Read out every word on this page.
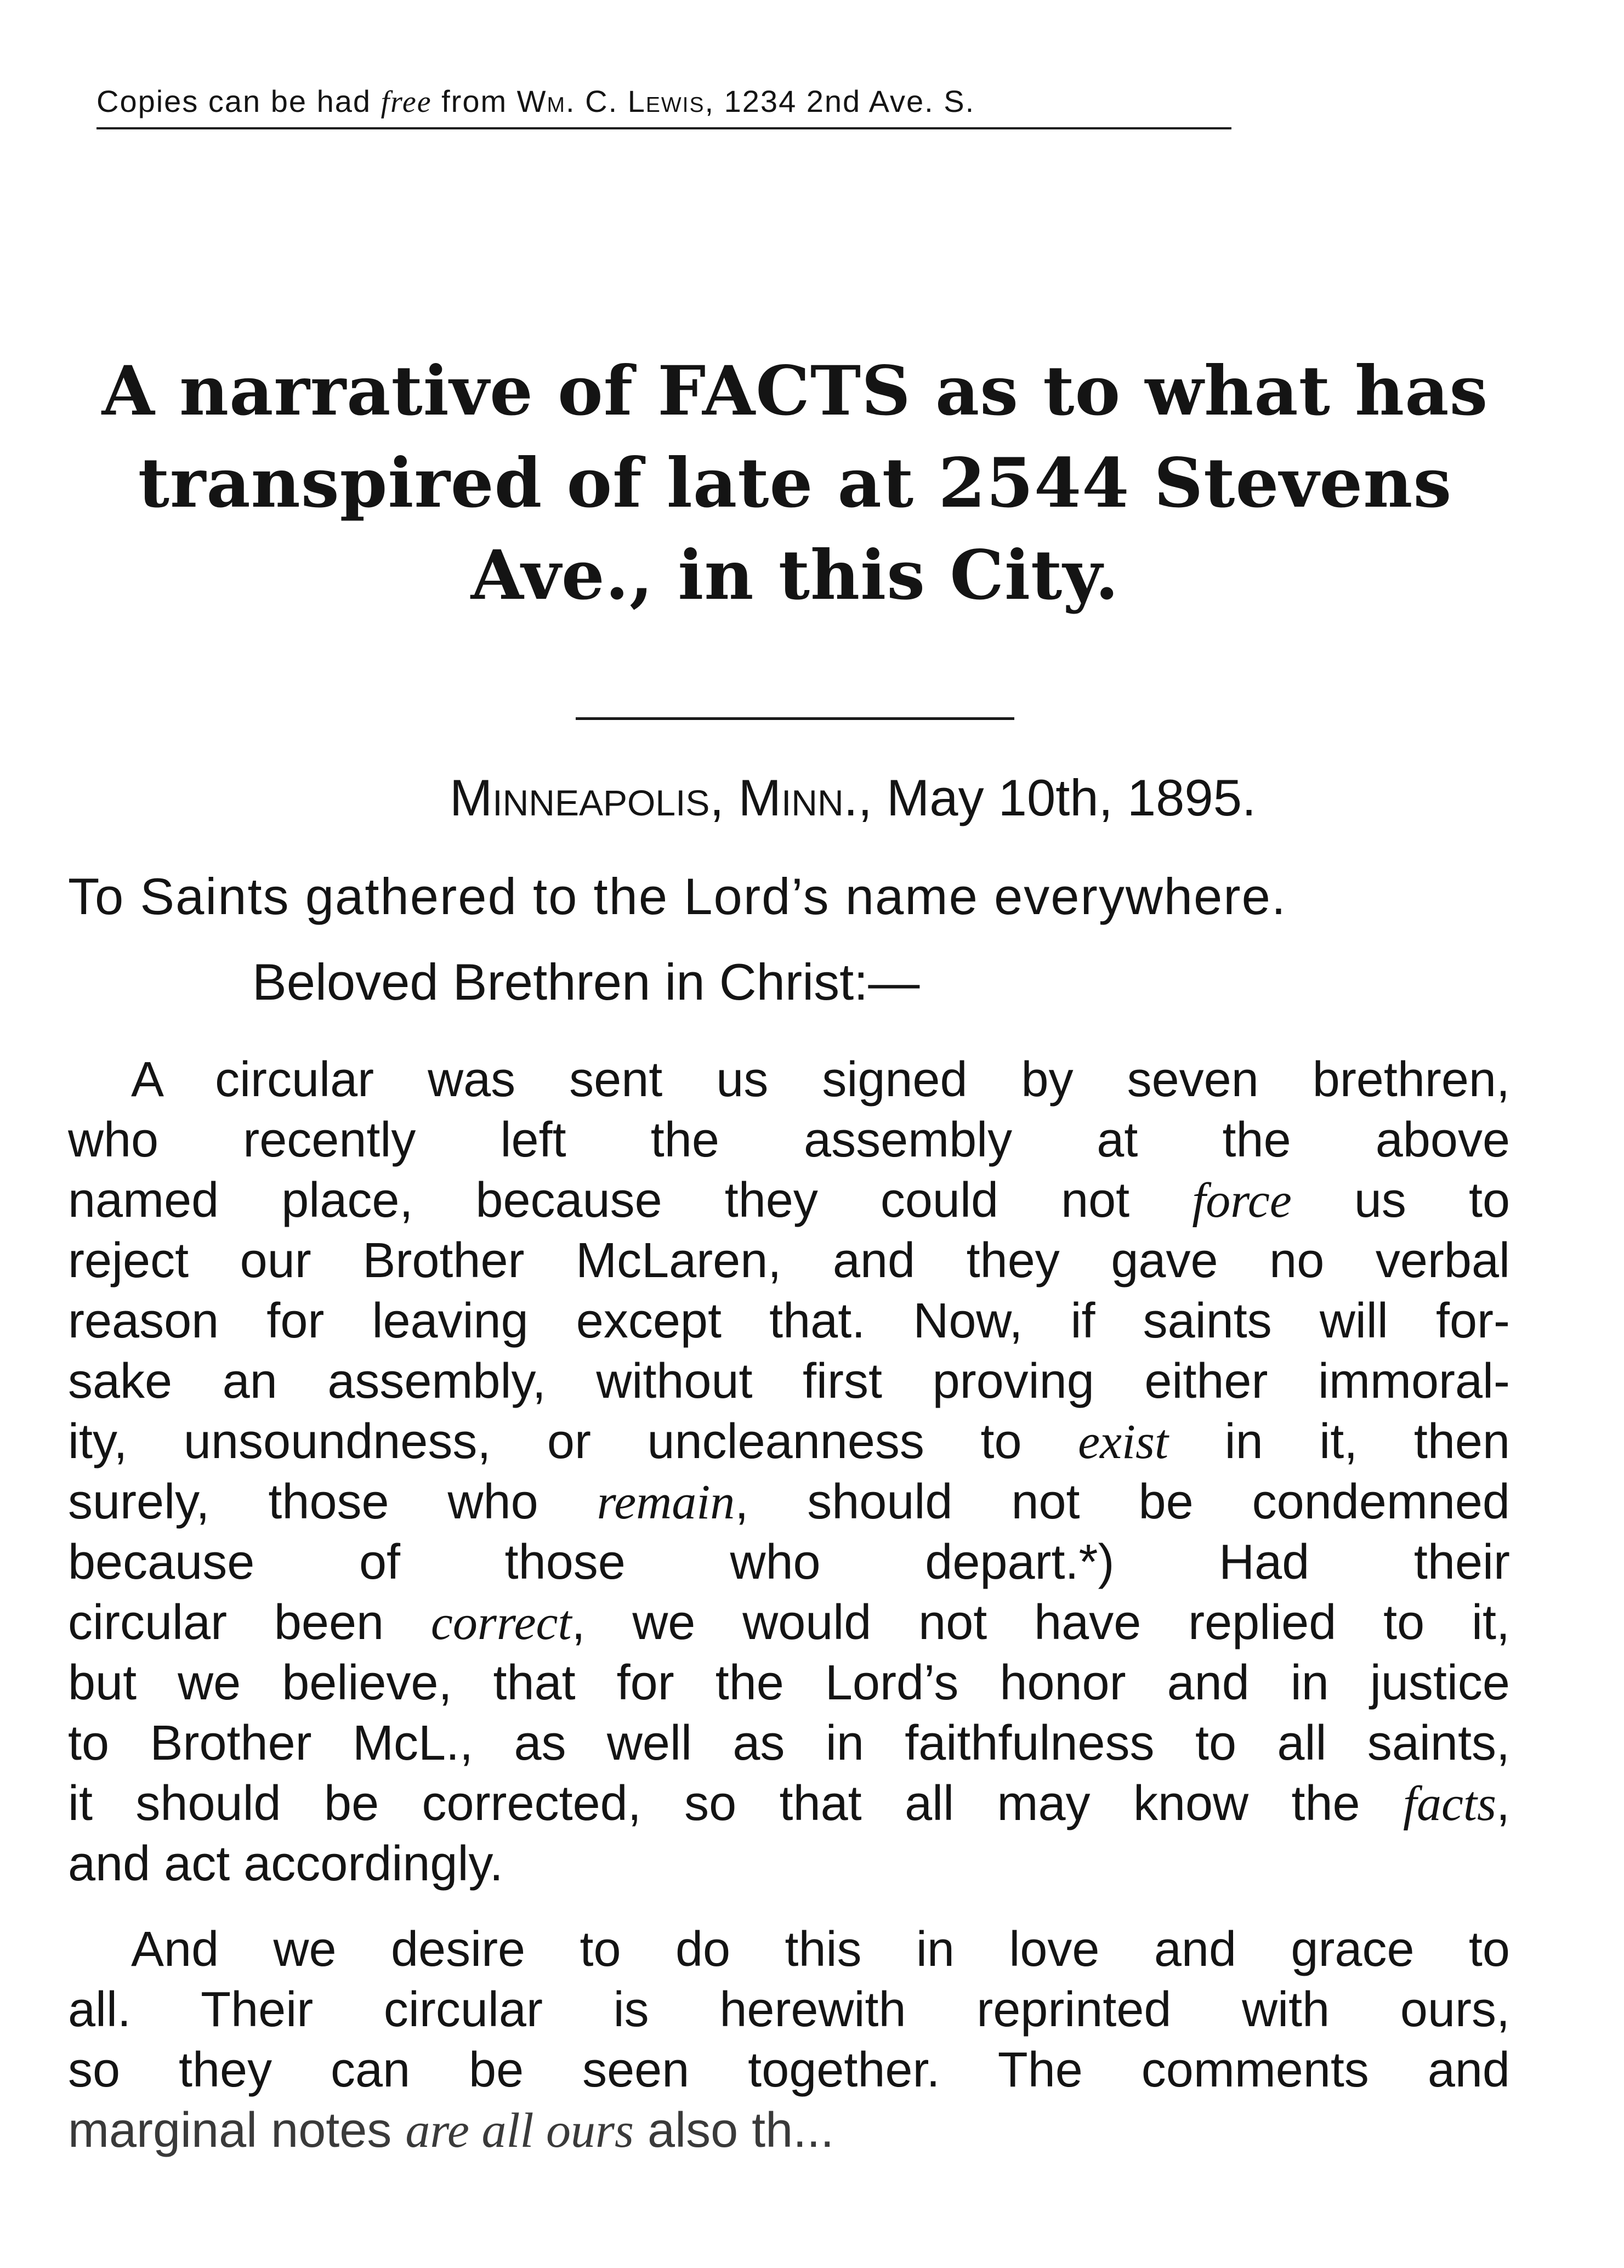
Copies can be had free from Wm. C. Lewis, 1234 2nd Ave. S.
A narrative of FACTS as to what has
transpired of late at 2544 Stevens
Ave., in this City.
Minneapolis, Minn., May 10th, 1895.
To Saints gathered to the Lord’s name everywhere.
Beloved Brethren in Christ:—
A circular was sent us signed by seven brethren,
who recently left the assembly at the above
named place, because they could not force us to
reject our Brother McLaren, and they gave no verbal
reason for leaving except that. Now, if saints will for-
sake an assembly, without first proving either immoral-
ity, unsoundness, or uncleanness to exist in it, then
surely, those who remain, should not be condemned
because of those who depart.*) Had their
circular been correct, we would not have replied to it,
but we believe, that for the Lord’s honor and in justice
to Brother McL., as well as in faithfulness to all saints,
it should be corrected, so that all may know the facts,
and act accordingly.
And we desire to do this in love and grace to
all. Their circular is herewith reprinted with ours,
so they can be seen together. The comments and
marginal notes are all ours also th...
